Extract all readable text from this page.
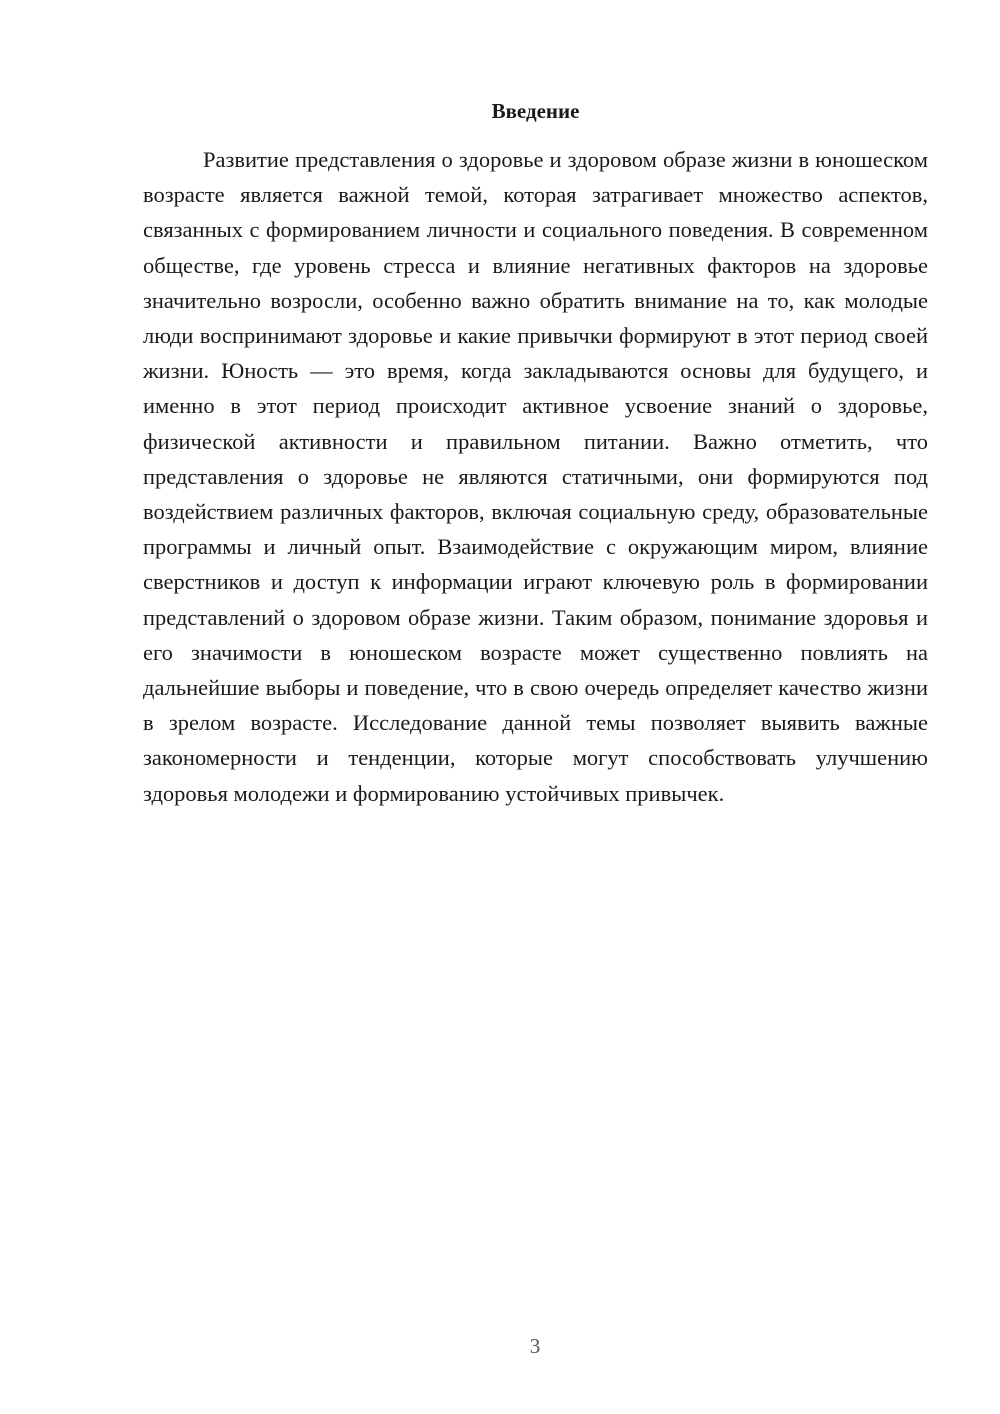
Введение

Развитие представления о здоровье и здоровом образе жизни в юношеском возрасте является важной темой, которая затрагивает множество аспектов, связанных с формированием личности и социального поведения. В современном обществе, где уровень стресса и влияние негативных факторов на здоровье значительно возросли, особенно важно обратить внимание на то, как молодые люди воспринимают здоровье и какие привычки формируют в этот период своей жизни. Юность — это время, когда закладываются основы для будущего, и именно в этот период происходит активное усвоение знаний о здоровье, физической активности и правильном питании. Важно отметить, что представления о здоровье не являются статичными, они формируются под воздействием различных факторов, включая социальную среду, образовательные программы и личный опыт. Взаимодействие с окружающим миром, влияние сверстников и доступ к информации играют ключевую роль в формировании представлений о здоровом образе жизни. Таким образом, понимание здоровья и его значимости в юношеском возрасте может существенно повлиять на дальнейшие выборы и поведение, что в свою очередь определяет качество жизни в зрелом возрасте. Исследование данной темы позволяет выявить важные закономерности и тенденции, которые могут способствовать улучшению здоровья молодежи и формированию устойчивых привычек.

3
